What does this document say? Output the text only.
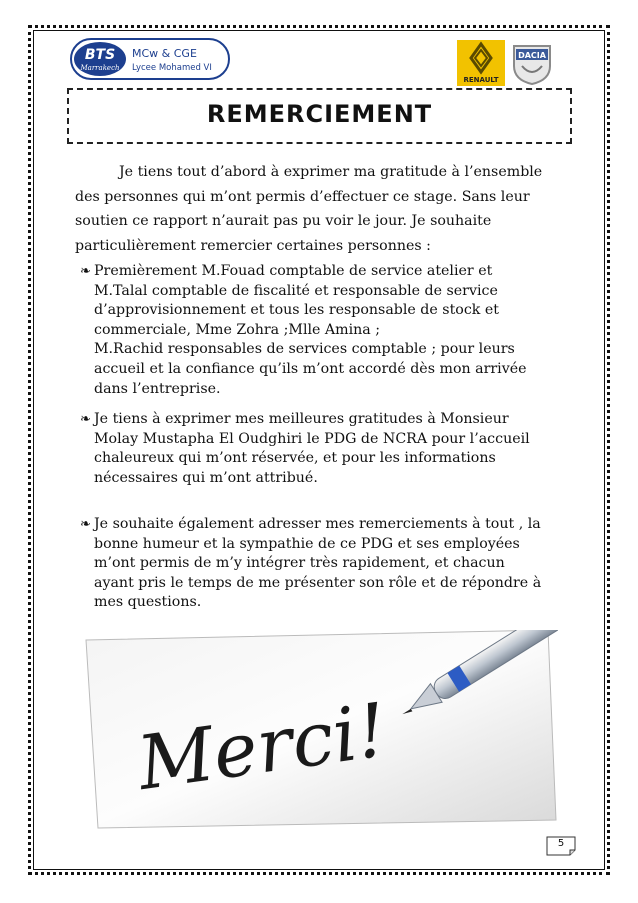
BTS
Marrakech
MCw & CGE
Lycee Mohamed VI
RENAULT
DACIA
REMERCIEMENT
Je tiens tout d’abord à exprimer ma gratitude à l’ensemble
des personnes qui m’ont permis d’effectuer ce stage. Sans leur
soutien ce rapport n’aurait pas pu voir le jour. Je souhaite
particulièrement remercier certaines personnes :
❧ Premièrement M.Fouad comptable de service atelier et
M.Talal comptable de fiscalité et responsable de service
d’approvisionnement et tous les responsable de stock et
commerciale, Mme Zohra ;Mlle Amina ;
M.Rachid responsables de services comptable ; pour leurs
accueil et la confiance qu’ils m’ont accordé dès mon arrivée
dans l’entreprise.
❧ Je tiens à exprimer mes meilleures gratitudes à Monsieur
Molay Mustapha El Oudghiri le PDG de NCRA pour l’accueil
chaleureux qui m’ont réservée, et pour les informations
nécessaires qui m’ont attribué.
❧ Je souhaite également adresser mes remerciements à tout , la
bonne humeur et la sympathie de ce PDG et ses employées
m’ont permis de m’y intégrer très rapidement, et chacun
ayant pris le temps de me présenter son rôle et de répondre à
mes questions.
Merci!
5
